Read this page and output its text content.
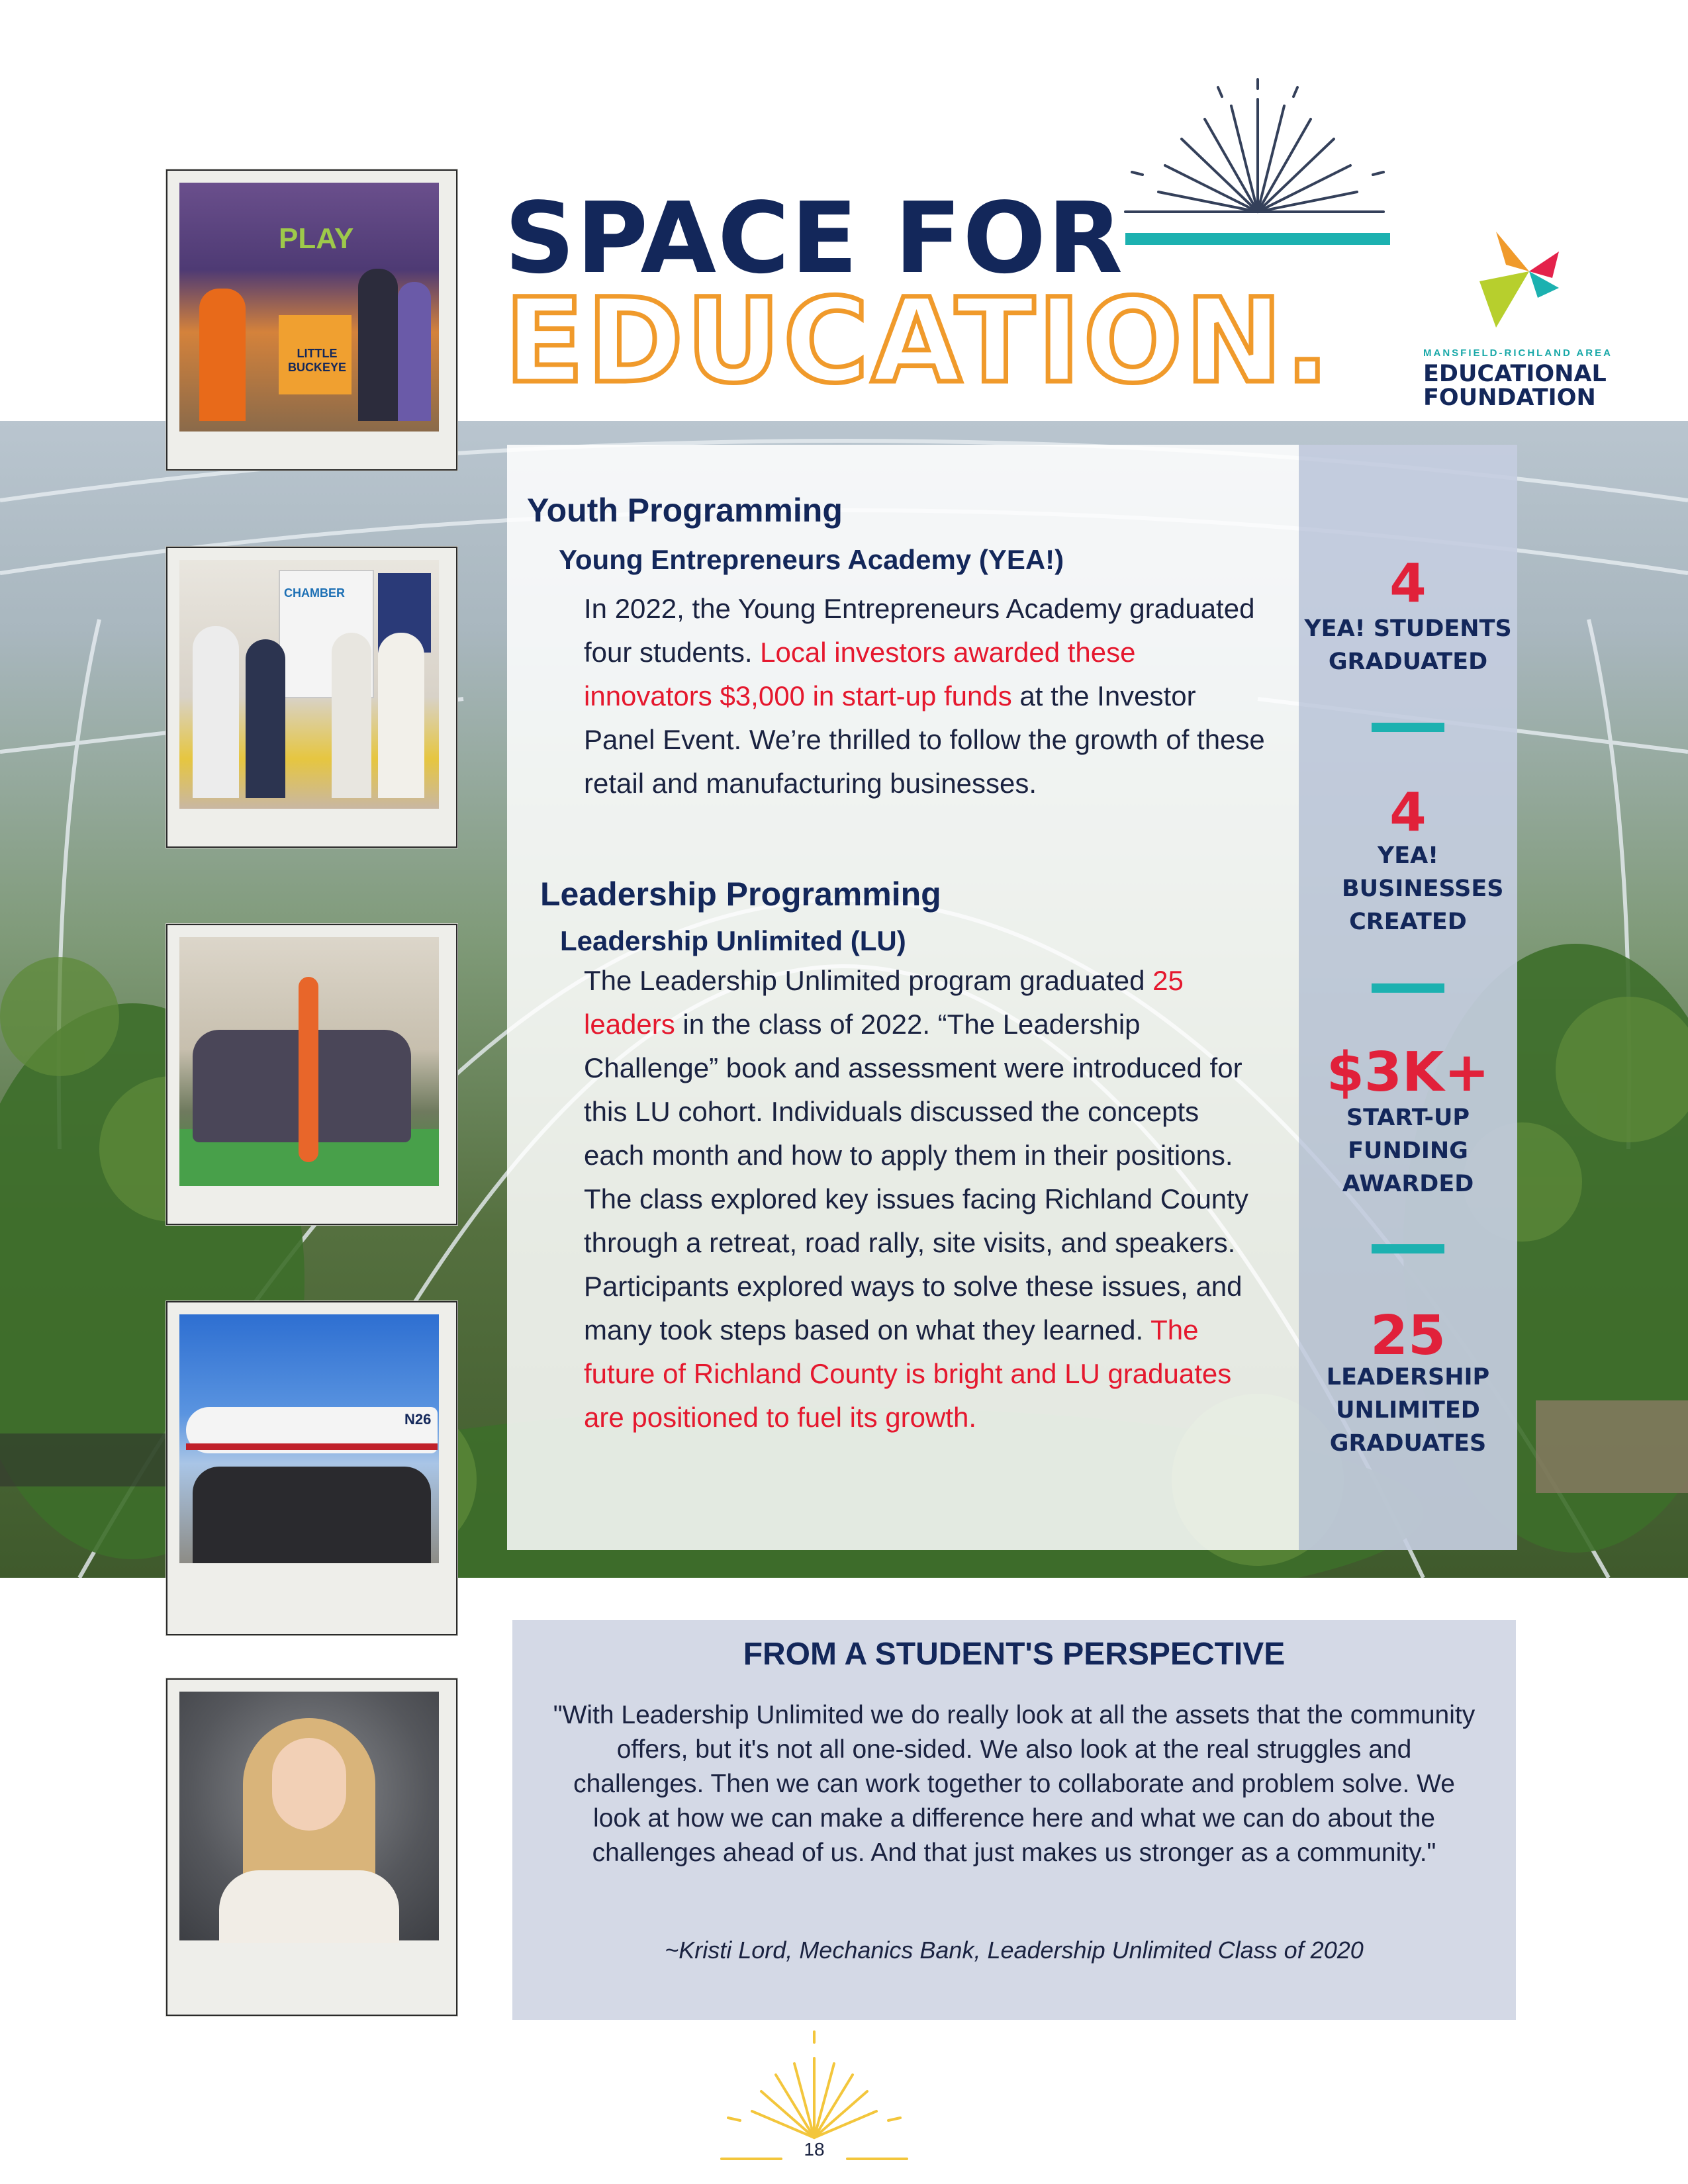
SPACE FOR
EDUCATION.	MANSFIELD-RICHLAND AREA
EDUCATIONAL
FOUNDATION
PLAY
LITTLE BUCKEYE
CHAMBER
N26
Youth Programming
Young Entrepreneurs Academy (YEA!)
In 2022, the Young Entrepreneurs Academy graduated four students. Local investors awarded these innovators $3,000 in start-up funds at the Investor Panel Event. We’re thrilled to follow the growth of these retail and manufacturing businesses.
Leadership Programming
Leadership Unlimited (LU)
The Leadership Unlimited program graduated 25 leaders in the class of 2022. “The Leadership Challenge” book and assessment were introduced for this LU cohort. Individuals discussed the concepts each month and how to apply them in their positions. The class explored key issues facing Richland County through a retreat, road rally, site visits, and speakers. Participants explored ways to solve these issues, and many took steps based on what they learned. The future of Richland County is bright and LU graduates are positioned to fuel its growth.
4
YEA! STUDENTS GRADUATED
4
YEA! BUSINESSES CREATED
$3K+
START-UP FUNDING AWARDED
25
LEADERSHIP UNLIMITED GRADUATES
FROM A STUDENT'S PERSPECTIVE
"With Leadership Unlimited we do really look at all the assets that the community offers, but it's not all one-sided. We also look at the real struggles and challenges. Then we can work together to collaborate and problem solve. We look at how we can make a difference here and what we can do about the challenges ahead of us. And that just makes us stronger as a community."
~Kristi Lord, Mechanics Bank, Leadership Unlimited Class of 2020
18
